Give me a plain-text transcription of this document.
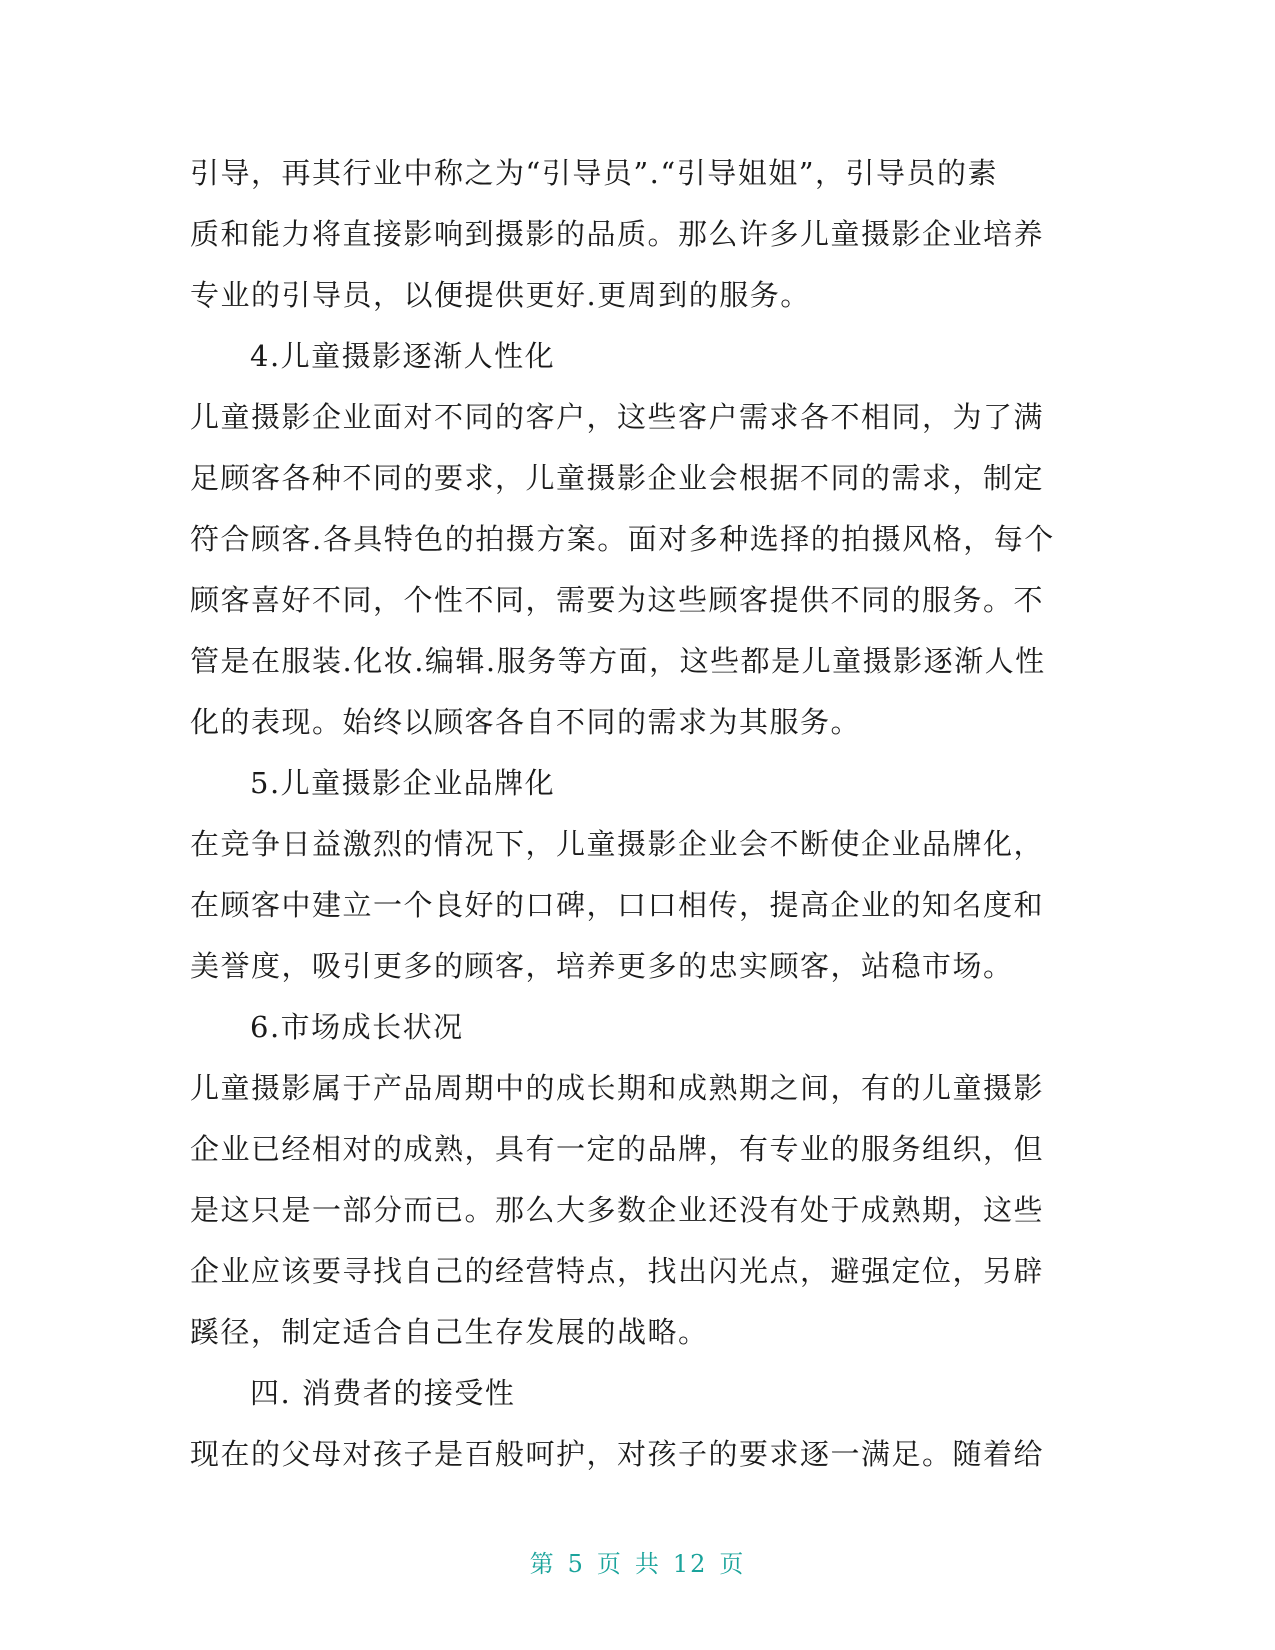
引导，再其行业中称之为“引导员”.“引导姐姐”，引导员的素
质和能力将直接影响到摄影的品质。那么许多儿童摄影企业培养
专业的引导员，以便提供更好.更周到的服务。
4.儿童摄影逐渐人性化
儿童摄影企业面对不同的客户，这些客户需求各不相同，为了满
足顾客各种不同的要求，儿童摄影企业会根据不同的需求，制定
符合顾客.各具特色的拍摄方案。面对多种选择的拍摄风格，每个
顾客喜好不同，个性不同，需要为这些顾客提供不同的服务。不
管是在服装.化妆.编辑.服务等方面，这些都是儿童摄影逐渐人性
化的表现。始终以顾客各自不同的需求为其服务。
5.儿童摄影企业品牌化
在竞争日益激烈的情况下，儿童摄影企业会不断使企业品牌化，
在顾客中建立一个良好的口碑，口口相传，提高企业的知名度和
美誉度，吸引更多的顾客，培养更多的忠实顾客，站稳市场。
6.市场成长状况
儿童摄影属于产品周期中的成长期和成熟期之间，有的儿童摄影
企业已经相对的成熟，具有一定的品牌，有专业的服务组织，但
是这只是一部分而已。那么大多数企业还没有处于成熟期，这些
企业应该要寻找自己的经营特点，找出闪光点，避强定位，另辟
蹊径，制定适合自己生存发展的战略。
四. 消费者的接受性
现在的父母对孩子是百般呵护，对孩子的要求逐一满足。随着给
第 5 页 共 12 页
